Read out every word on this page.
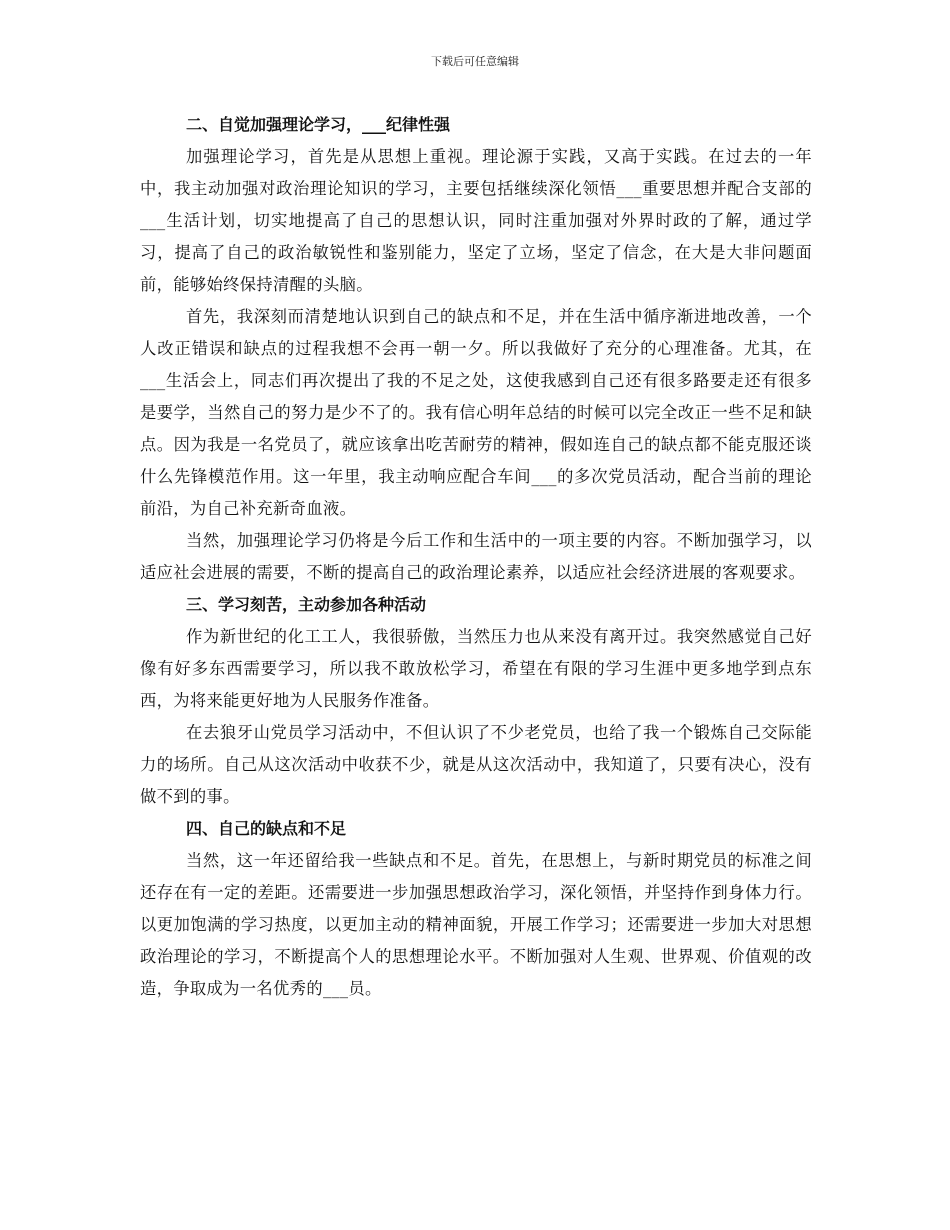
下载后可任意编辑

二、自觉加强理论学习，___纪律性强

加强理论学习，首先是从思想上重视。理论源于实践，又高于实践。在过去的一年中，我主动加强对政治理论知识的学习，主要包括继续深化领悟___重要思想并配合支部的___生活计划，切实地提高了自己的思想认识，同时注重加强对外界时政的了解，通过学习，提高了自己的政治敏锐性和鉴别能力，坚定了立场，坚定了信念，在大是大非问题面前，能够始终保持清醒的头脑。

首先，我深刻而清楚地认识到自己的缺点和不足，并在生活中循序渐进地改善，一个人改正错误和缺点的过程我想不会再一朝一夕。所以我做好了充分的心理准备。尤其，在___生活会上，同志们再次提出了我的不足之处，这使我感到自己还有很多路要走还有很多是要学，当然自己的努力是少不了的。我有信心明年总结的时候可以完全改正一些不足和缺点。因为我是一名党员了，就应该拿出吃苦耐劳的精神，假如连自己的缺点都不能克服还谈什么先锋模范作用。这一年里，我主动响应配合车间___的多次党员活动，配合当前的理论前沿，为自己补充新奇血液。

当然，加强理论学习仍将是今后工作和生活中的一项主要的内容。不断加强学习，以适应社会进展的需要，不断的提高自己的政治理论素养，以适应社会经济进展的客观要求。

三、学习刻苦，主动参加各种活动

作为新世纪的化工工人，我很骄傲，当然压力也从来没有离开过。我突然感觉自己好像有好多东西需要学习，所以我不敢放松学习，希望在有限的学习生涯中更多地学到点东西，为将来能更好地为人民服务作准备。

在去狼牙山党员学习活动中，不但认识了不少老党员，也给了我一个锻炼自己交际能力的场所。自己从这次活动中收获不少，就是从这次活动中，我知道了，只要有决心，没有做不到的事。

四、自己的缺点和不足

当然，这一年还留给我一些缺点和不足。首先，在思想上，与新时期党员的标准之间还存在有一定的差距。还需要进一步加强思想政治学习，深化领悟，并坚持作到身体力行。以更加饱满的学习热度，以更加主动的精神面貌，开展工作学习；还需要进一步加大对思想政治理论的学习，不断提高个人的思想理论水平。不断加强对人生观、世界观、价值观的改造，争取成为一名优秀的___员。
